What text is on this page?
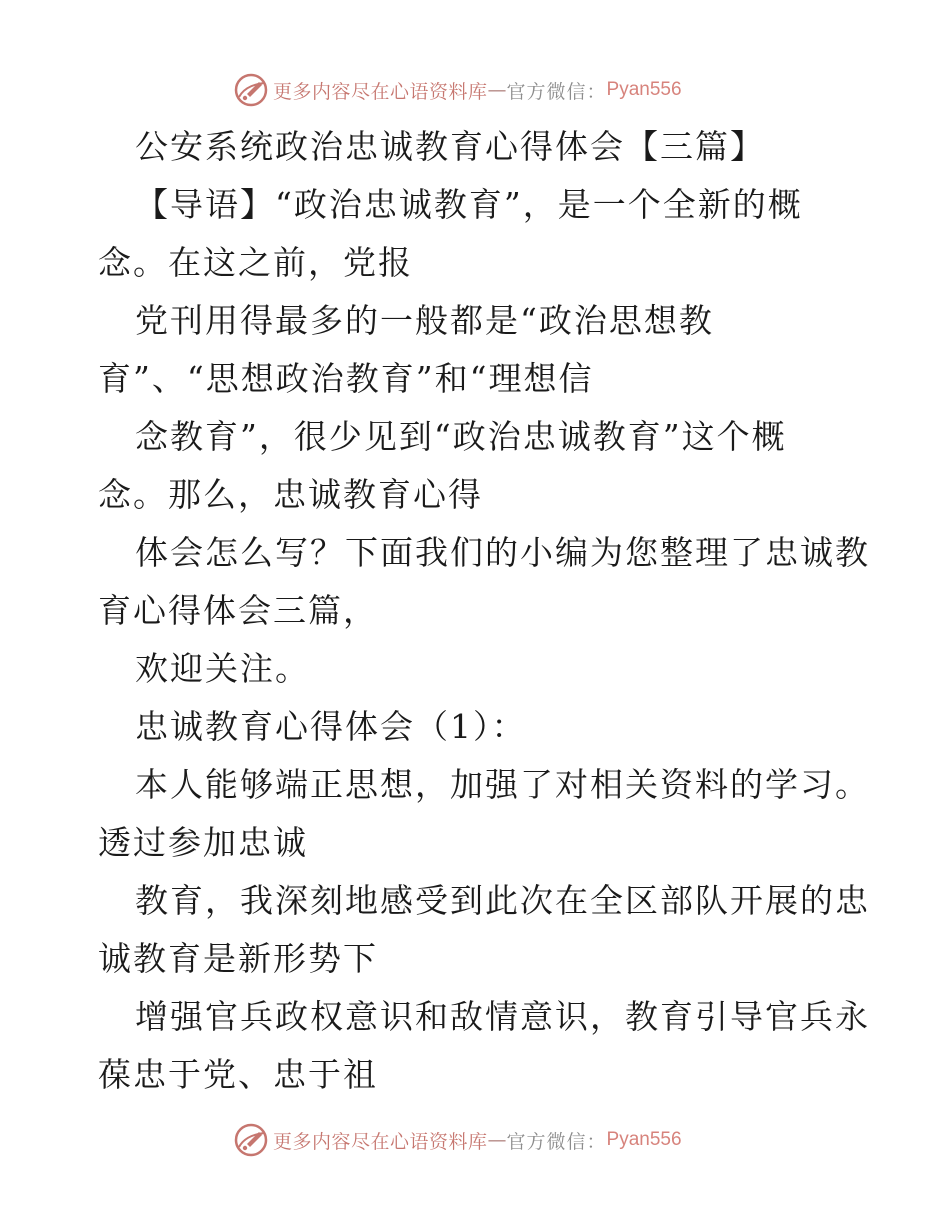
更多内容尽在心语资料库 — 官方微信： Pyan556
公安系统政治忠诚教育心得体会【三篇】
【导语】“政治忠诚教育”，是一个全新的概
念。在这之前，党报
党刊用得最多的一般都是“政治思想教
育”、“思想政治教育”和“理想信
念教育”，很少见到“政治忠诚教育”这个概
念。那么，忠诚教育心得
体会怎么写？下面我们的小编为您整理了忠诚教
育心得体会三篇，
欢迎关注。
忠诚教育心得体会（1）：
本人能够端正思想，加强了对相关资料的学习。
透过参加忠诚
教育，我深刻地感受到此次在全区部队开展的忠
诚教育是新形势下
增强官兵政权意识和敌情意识，教育引导官兵永
葆忠于党、忠于祖
更多内容尽在心语资料库 — 官方微信： Pyan556
